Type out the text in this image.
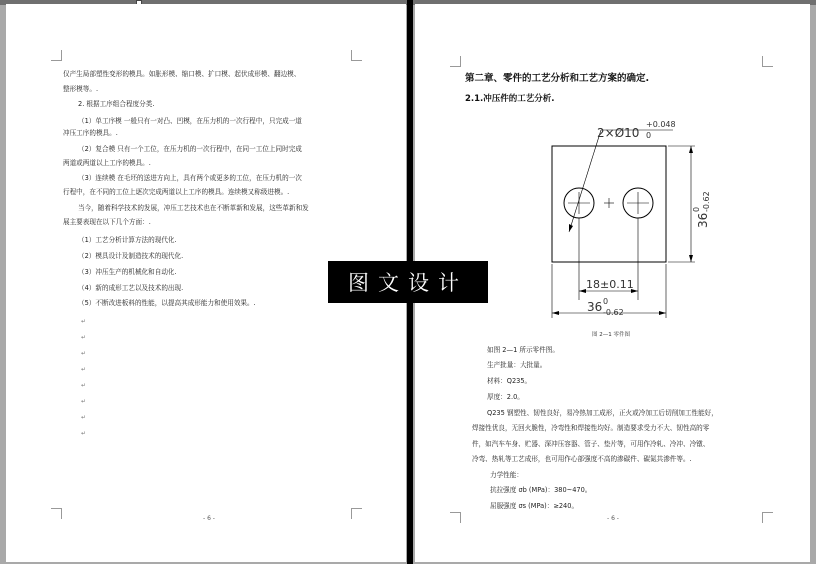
仅产生局部塑性变形的模具。如胀形模、缩口模、扩口模、起伏成形模、翻边模、
整形模等。.
2. 根据工序组合程度分类.
（1）单工序模 一般只有一对凸、凹模，在压力机的一次行程中，只完成一道
冲压工序的模具。.
（2）复合模 只有一个工位，在压力机的一次行程中，在同一工位上同时完成
两道或两道以上工序的模具。.
（3）连续模 在毛坯的送进方向上，具有两个或更多的工位，在压力机的一次
行程中，在不同的工位上逐次完成两道以上工序的模具。连续模又称级进模。.
当今，随着科学技术的发展，冲压工艺技术也在不断革新和发展，这些革新和发
展主要表现在以下几个方面：.
（1）工艺分析计算方法的现代化.
（2）模具设计及制造技术的现代化.
（3）冲压生产的机械化和自动化.
（4）新的成形工艺以及技术的出现.
（5）不断改进板料的性能，以提高其成形能力和使用效果。.
↵
↵
↵
↵
↵
↵
↵
↵
- 6 -
第二章、零件的工艺分析和工艺方案的确定.
2.1.冲压件的工艺分析.
2×Ø10
+0.048
0
36
0 -0.62
18±0.11
36 0
-0.62
图 2—1 零件图
如图 2—1 所示零件图。
生产批量：大批量。
材料：Q235。
厚度：2.0。
Q235 钢塑性、韧性良好，易冷热加工成形，正火或冷加工后切削加工性能好，
焊接性优良，无回火脆性，冷弯性和焊接性均好。制造要求受力不大、韧性高的零
件，如汽车车身、贮器、深冲压容器、管子、垫片等，可用作冷轧、冷冲、冷镦、
冷弯、热轧等工艺成形，也可用作心部强度不高的渗碳件、碳氮共渗件等。.
力学性能：
抗拉强度 σb (MPa)：380~470。
屈服强度 σs (MPa)：≥240。
- 6 -
图文设计
